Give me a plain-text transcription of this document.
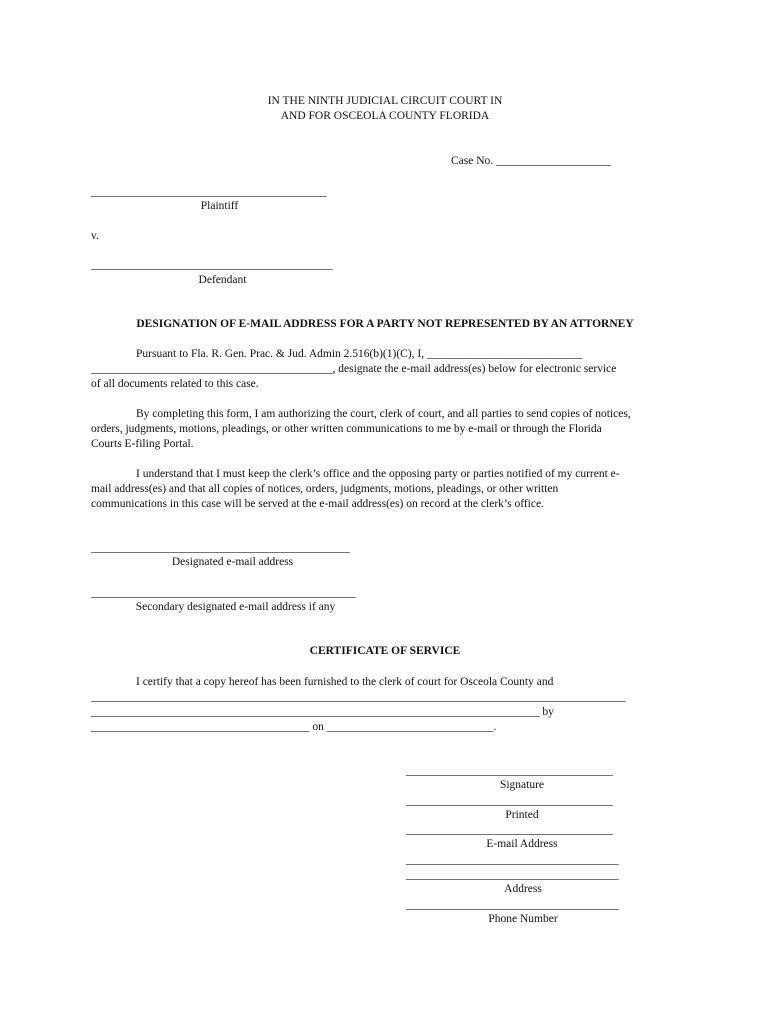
IN THE NINTH JUDICIAL CIRCUIT COURT IN
AND FOR OSCEOLA COUNTY FLORIDA
Case No. ____________________
_________________________________________
Plaintiff
v.
__________________________________________
Defendant
DESIGNATION OF E-MAIL ADDRESS FOR A PARTY NOT REPRESENTED BY AN ATTORNEY
Pursuant to Fla. R. Gen. Prac. & Jud. Admin 2.516(b)(1)(C), I, ___________________________
__________________________________________, designate the e-mail address(es) below for electronic service
of all documents related to this case.
By completing this form, I am authorizing the court, clerk of court, and all parties to send copies of notices,
orders, judgments, motions, pleadings, or other written communications to me by e-mail or through the Florida
Courts E-filing Portal.
I understand that I must keep the clerk’s office and the opposing party or parties notified of my current e-
mail address(es) and that all copies of notices, orders, judgments, motions, pleadings, or other written
communications in this case will be served at the e-mail address(es) on record at the clerk’s office.
_____________________________________________
Designated e-mail address
______________________________________________
Secondary designated e-mail address if any
CERTIFICATE OF SERVICE
I certify that a copy hereof has been furnished to the clerk of court for Osceola County and
_____________________________________________________________________________________________
______________________________________________________________________________ by
______________________________________ on _____________________________.
____________________________________
Signature
____________________________________
Printed
____________________________________
E-mail Address
_____________________________________
_____________________________________
Address
_____________________________________
Phone Number
